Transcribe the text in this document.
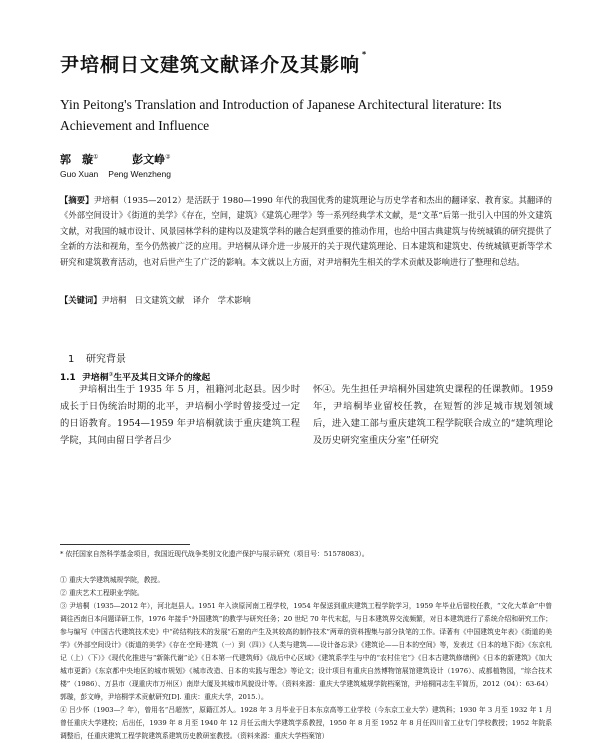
尹培桐日文建筑文献译介及其影响 *
Yin Peitong's Translation and Introduction of Japanese Architectural literature: Its Achievement and Influence
郭　璇①	彭文峥②
Guo Xuan Peng Wenzheng
【摘要】尹培桐（1935—2012）是活跃于 1980—1990 年代的我国优秀的建筑理论与历史学者和杰出的翻译家、教育家。其翻译的《外部空间设计》《街道的美学》《存在，空间，建筑》《建筑心理学》等一系列经典学术文献，是“文革”后第一批引入中国的外文建筑文献，对我国的城市设计、风景园林学科的建构以及建筑学科的融合起到重要的推动作用，也给中国古典建筑与传统城镇的研究提供了全新的方法和视角，至今仍然被广泛的应用。尹培桐从译介进一步展开的关于现代建筑理论、日本建筑和建筑史、传统城镇更新等学术研究和建筑教育活动，也对后世产生了广泛的影响。本文就以上方面，对尹培桐先生相关的学术贡献及影响进行了整理和总结。
【关键词】尹培桐　日文建筑文献　译介　学术影响
1 研究背景
1.1 尹培桐③生平及其日文译介的缘起
尹培桐出生于 1935 年 5 月，祖籍河北赵县。因少时成长于日伪统治时期的北平，尹培桐小学时曾接受过一定的日语教育。1954—1959 年尹培桐就读于重庆建筑工程学院，其间由留日学者吕少
怀④。先生担任尹培桐外国建筑史课程的任课教师。1959 年，尹培桐毕业留校任教，在短暂的涉足城市规划领域后，进入建工部与重庆建筑工程学院联合成立的“建筑理论及历史研究室重庆分室”任研究
* 依托国家自然科学基金项目，我国近现代战争类别文化遗产保护与展示研究（项目号：51578083）。

① 重庆大学建筑城规学院，教授。

② 重庆艺术工程职业学院。

③ 尹培桐（1935—2012 年），河北赵县人。1951 年入读原河南工程学校，1954 年保送到重庆建筑工程学院学习，1959 年毕业后留校任教，“文化大革命”中曾调往西南日本问题译研工作，1976 年接手“外国建筑”的教学与研究任务；20 世纪 70 年代末起，与日本建筑界交流频繁，对日本建筑进行了系统介绍和研究工作；参与编写《中国古代建筑技术史》中“砖结构技术的发展”石窟的产生及其较高的制作技术”两章的资料搜集与部分执笔的工作。译著有《中国建筑史年表》《街道的美学》《外部空间设计》《街道的美学》《存在·空间·建筑（一）到（四）》《人类与建筑——设计备忘录》《建筑论——日本的空间》等，发表过《日本的地下街》《东京札记（上）（下）》《现代化推进与“新陈代谢”论》《日本第一代建筑师》《战后中心区域》《建筑系学生与中的“农村住宅”》《日本古建筑修缮例》《日本的新建筑》《加大城市更新》《东京都中央地区的城市规划》《城市改造、日本的实践与理念》等论文；设计项目有重庆自然博物馆展馆建筑设计（1976）、成都植物园，“综合技术楼”（1986）、万县市（现重庆市万州区）南岸大厦及其城市风貌设计等。（资料来源：重庆大学建筑城规学院档案馆，尹培桐同志生平简历，2012（04）：63-64）郭璇，彭文峥，尹培桐学术贡献研究[D]. 重庆：重庆大学，2015.）。

④ 吕少怀（1903—？年），曾用名“吕超然”，原籍江苏人。1928 年 3 月毕业于日本东京高等工业学校（今东京工业大学）建筑科；1930 年 3 月至 1932 年 1 月曾任重庆大学建校；后出任，1939 年 8 月至 1940 年 12 月任云南大学建筑学系教授，1950 年 8 月至 1952 年 8 月任四川省工业专门学校教授；1952 年院系调整后，任重庆建筑工程学院建筑系建筑历史教研室教授。（资料来源：重庆大学档案馆）
